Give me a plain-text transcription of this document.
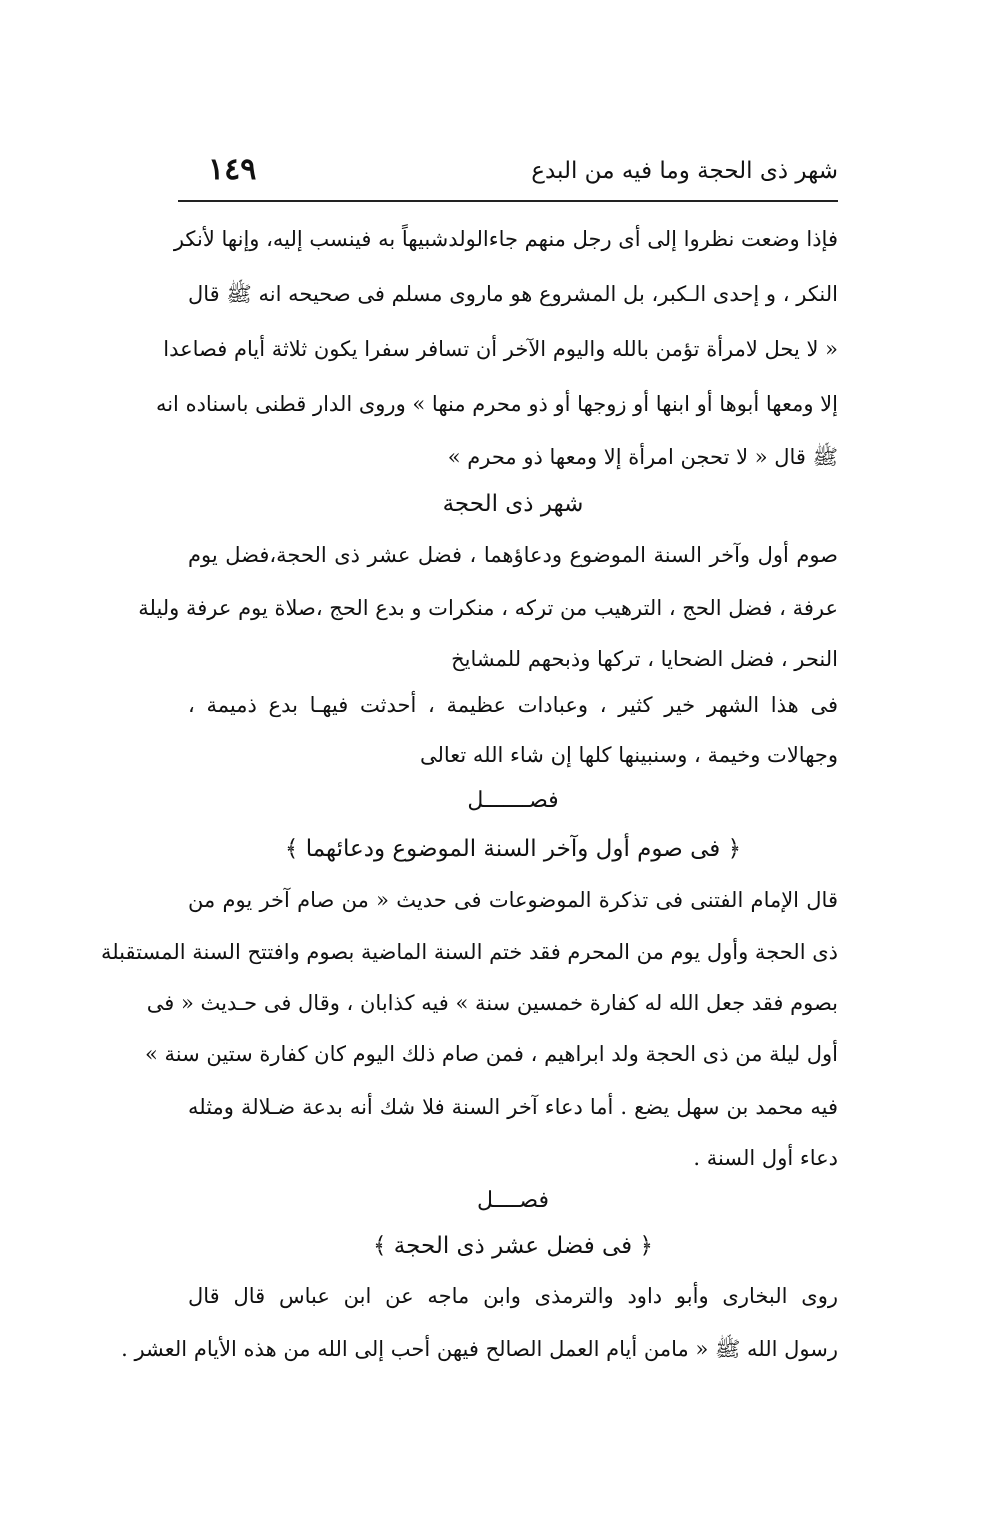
شهر ذى الحجة وما فيه من البدع
١٤٩
فإذا وضعت نظروا إلى أى رجل منهم جاءالولدشبيهاً به فينسب إليه، وإنها لأنكر
النكر ، و إحدى الـكبر، بل المشروع هو ماروى مسلم فى صحيحه انه ﷺ قال
« لا يحل لامرأة تؤمن بالله واليوم الآخر أن تسافر سفرا يكون ثلاثة أيام فصاعدا
إلا ومعها أبوها أو ابنها أو زوجها أو ذو محرم منها » وروى الدار قطنى باسناده انه
ﷺ قال « لا تحجن امرأة إلا ومعها ذو محرم »
شهر ذى الحجة
صوم أول وآخر السنة الموضوع ودعاؤهما ، فضل عشر ذى الحجة،فضل يوم
عرفة ، فضل الحج ، الترهيب من تركه ، منكرات و بدع الحج ،صلاة يوم عرفة وليلة
النحر ، فضل الضحايا ، تركها وذبحهم للمشايخ
فى هذا الشهر خير كثير ، وعبادات عظيمة ، أحدثت فيهـا بدع ذميمة ،
وجهالات وخيمة ، وسنبينها كلها إن شاء الله تعالى
فصـــــــل
﴿ فى صوم أول وآخر السنة الموضوع ودعائهما ﴾
قال الإمام الفتنى فى تذكرة الموضوعات فى حديث « من صام آخر يوم من
ذى الحجة وأول يوم من المحرم فقد ختم السنة الماضية بصوم وافتتح السنة المستقبلة
بصوم فقد جعل الله له كفارة خمسين سنة » فيه كذابان ، وقال فى حـديث « فى
أول ليلة من ذى الحجة ولد ابراهيم ، فمن صام ذلك اليوم كان كفارة ستين سنة »
فيه محمد بن سهل يضع . أما دعاء آخر السنة فلا شك أنه بدعة ضـلالة ومثله
دعاء أول السنة .
فصــــل
﴿ فى فضل عشر ذى الحجة ﴾
روى البخارى وأبو داود والترمذى وابن ماجه عن ابن عباس قال قال
رسول الله ﷺ « مامن أيام العمل الصالح فيهن أحب إلى الله من هذه الأيام العشر .
